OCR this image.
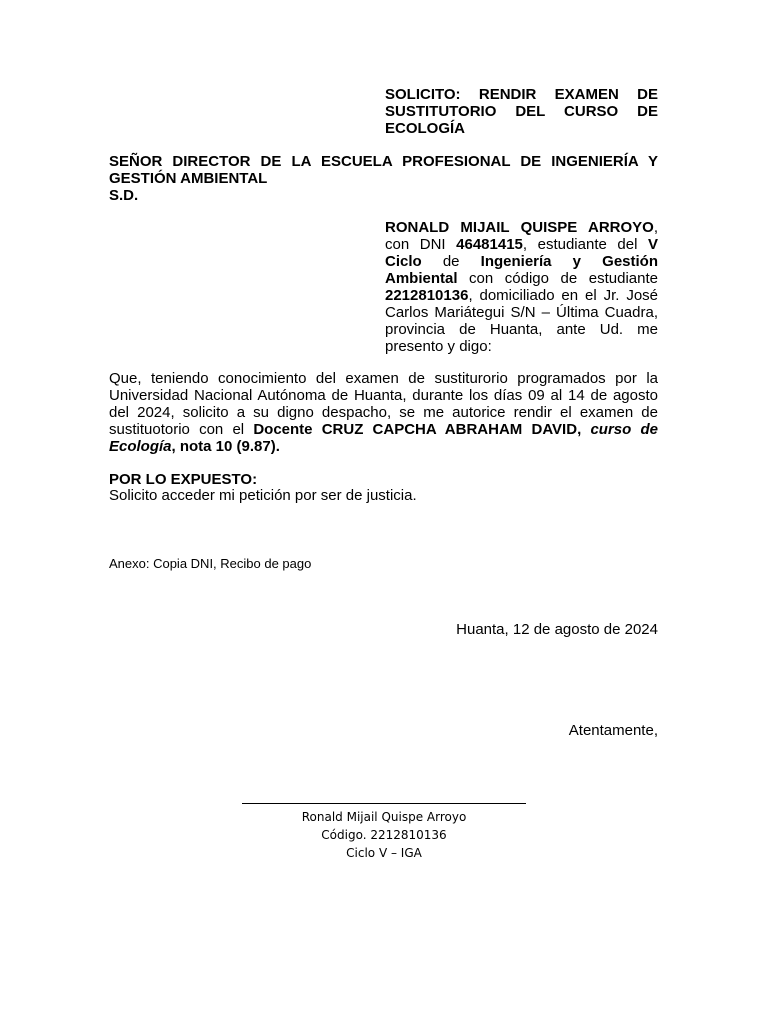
SOLICITO: RENDIR EXAMEN DE SUSTITUTORIO DEL CURSO DE ECOLOGÍA

SEÑOR DIRECTOR DE LA ESCUELA PROFESIONAL DE INGENIERÍA Y GESTIÓN AMBIENTAL
S.D.

RONALD MIJAIL QUISPE ARROYO, con DNI 46481415, estudiante del V Ciclo de Ingeniería y Gestión Ambiental con código de estudiante 2212810136, domiciliado en el Jr. José Carlos Mariátegui S/N – Última Cuadra, provincia de Huanta, ante Ud. me presento y digo:

Que, teniendo conocimiento del examen de sustiturorio programados por la Universidad Nacional Autónoma de Huanta, durante los días 09 al 14 de agosto del 2024, solicito a su digno despacho, se me autorice rendir el examen de sustituotorio con el Docente CRUZ CAPCHA ABRAHAM DAVID, curso de Ecología, nota 10 (9.87).

POR LO EXPUESTO:
Solicito acceder mi petición por ser de justicia.
Anexo: Copia DNI, Recibo de pago
Huanta, 12 de agosto de 2024
Atentamente,
Ronald Mijail Quispe Arroyo
Código. 2212810136
Ciclo V – IGA
